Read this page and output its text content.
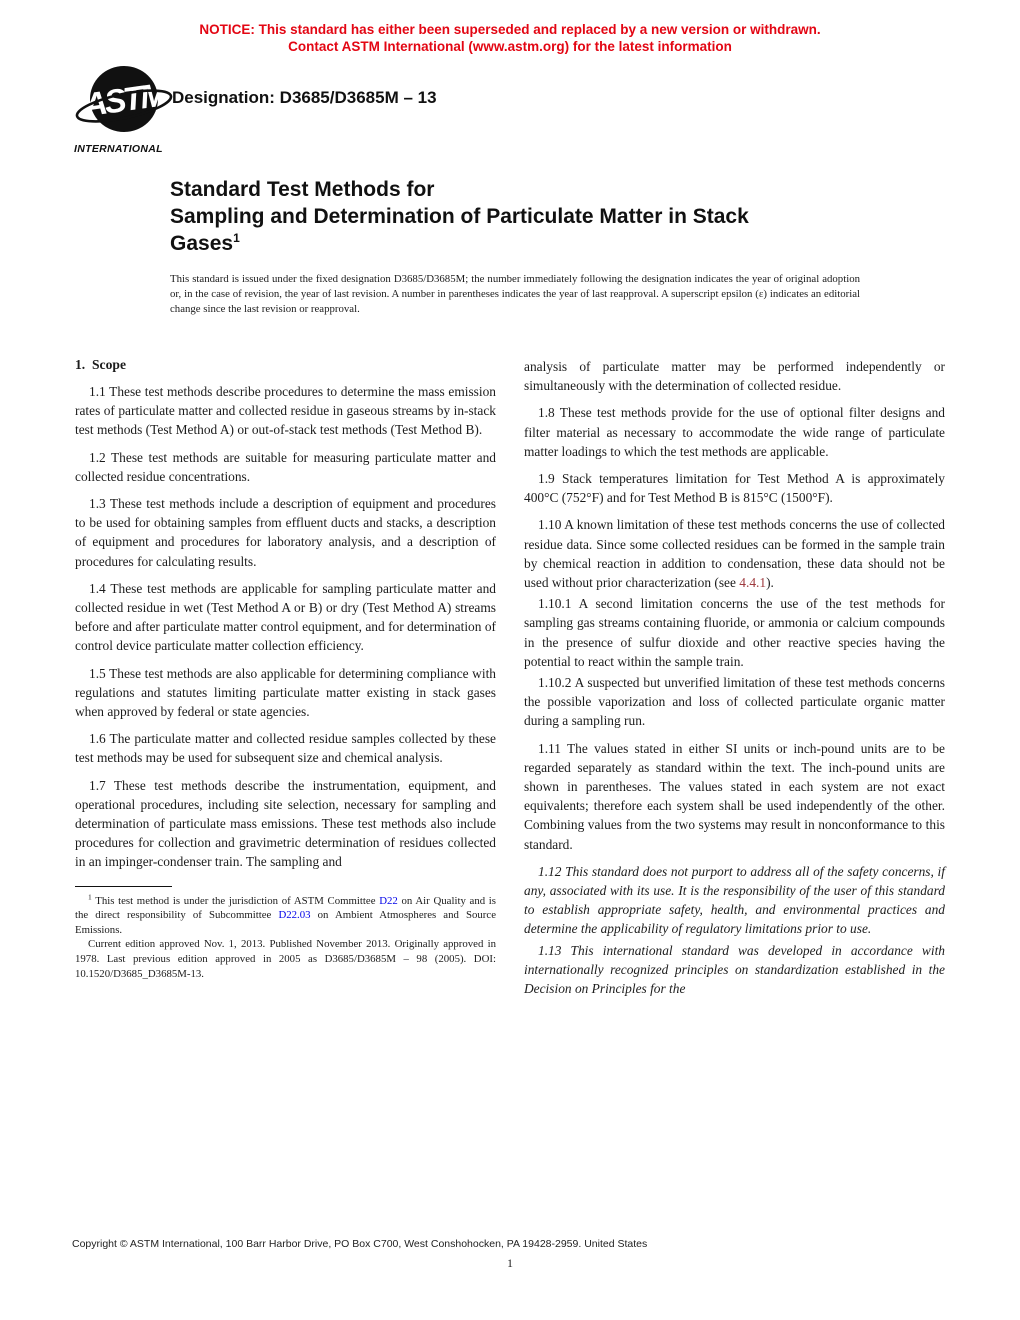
NOTICE: This standard has either been superseded and replaced by a new version or withdrawn.
Contact ASTM International (www.astm.org) for the latest information
ASTM
INTERNATIONAL
Designation: D3685/D3685M – 13
Standard Test Methods for
Sampling and Determination of Particulate Matter in Stack
Gases$^1$

This standard is issued under the fixed designation D3685/D3685M; the number immediately following the designation indicates the year of original adoption or, in the case of revision, the year of last revision. A number in parentheses indicates the year of last reapproval. A superscript epsilon (ε) indicates an editorial change since the last revision or reapproval.

1.  Scope

1.1 These test methods describe procedures to determine the mass emission rates of particulate matter and collected residue in gaseous streams by in-stack test methods (Test Method A) or out-of-stack test methods (Test Method B).

1.2 These test methods are suitable for measuring particulate matter and collected residue concentrations.

1.3 These test methods include a description of equipment and procedures to be used for obtaining samples from effluent ducts and stacks, a description of equipment and procedures for laboratory analysis, and a description of procedures for calculating results.

1.4 These test methods are applicable for sampling particulate matter and collected residue in wet (Test Method A or B) or dry (Test Method A) streams before and after particulate matter control equipment, and for determination of control device particulate matter collection efficiency.

1.5 These test methods are also applicable for determining compliance with regulations and statutes limiting particulate matter existing in stack gases when approved by federal or state agencies.

1.6 The particulate matter and collected residue samples collected by these test methods may be used for subsequent size and chemical analysis.

1.7 These test methods describe the instrumentation, equipment, and operational procedures, including site selection, necessary for sampling and determination of particulate mass emissions. These test methods also include procedures for collection and gravimetric determination of residues collected in an impinger-condenser train. The sampling and

$^1$ This test method is under the jurisdiction of ASTM Committee D22 on Air Quality and is the direct responsibility of Subcommittee D22.03 on Ambient Atmospheres and Source Emissions.

Current edition approved Nov. 1, 2013. Published November 2013. Originally approved in 1978. Last previous edition approved in 2005 as D3685/D3685M – 98 (2005). DOI: 10.1520/D3685_D3685M-13.

analysis of particulate matter may be performed independently or simultaneously with the determination of collected residue.

1.8 These test methods provide for the use of optional filter designs and filter material as necessary to accommodate the wide range of particulate matter loadings to which the test methods are applicable.

1.9 Stack temperatures limitation for Test Method A is approximately 400°C (752°F) and for Test Method B is 815°C (1500°F).

1.10 A known limitation of these test methods concerns the use of collected residue data. Since some collected residues can be formed in the sample train by chemical reaction in addition to condensation, these data should not be used without prior characterization (see 4.4.1).

1.10.1 A second limitation concerns the use of the test methods for sampling gas streams containing fluoride, or ammonia or calcium compounds in the presence of sulfur dioxide and other reactive species having the potential to react within the sample train.

1.10.2 A suspected but unverified limitation of these test methods concerns the possible vaporization and loss of collected particulate organic matter during a sampling run.

1.11 The values stated in either SI units or inch-pound units are to be regarded separately as standard within the text. The inch-pound units are shown in parentheses. The values stated in each system are not exact equivalents; therefore each system shall be used independently of the other. Combining values from the two systems may result in nonconformance to this standard.

1.12 This standard does not purport to address all of the safety concerns, if any, associated with its use. It is the responsibility of the user of this standard to establish appropriate safety, health, and environmental practices and determine the applicability of regulatory limitations prior to use.

1.13 This international standard was developed in accordance with internationally recognized principles on standardization established in the Decision on Principles for the

Copyright © ASTM International, 100 Barr Harbor Drive, PO Box C700, West Conshohocken, PA 19428-2959. United States
1
